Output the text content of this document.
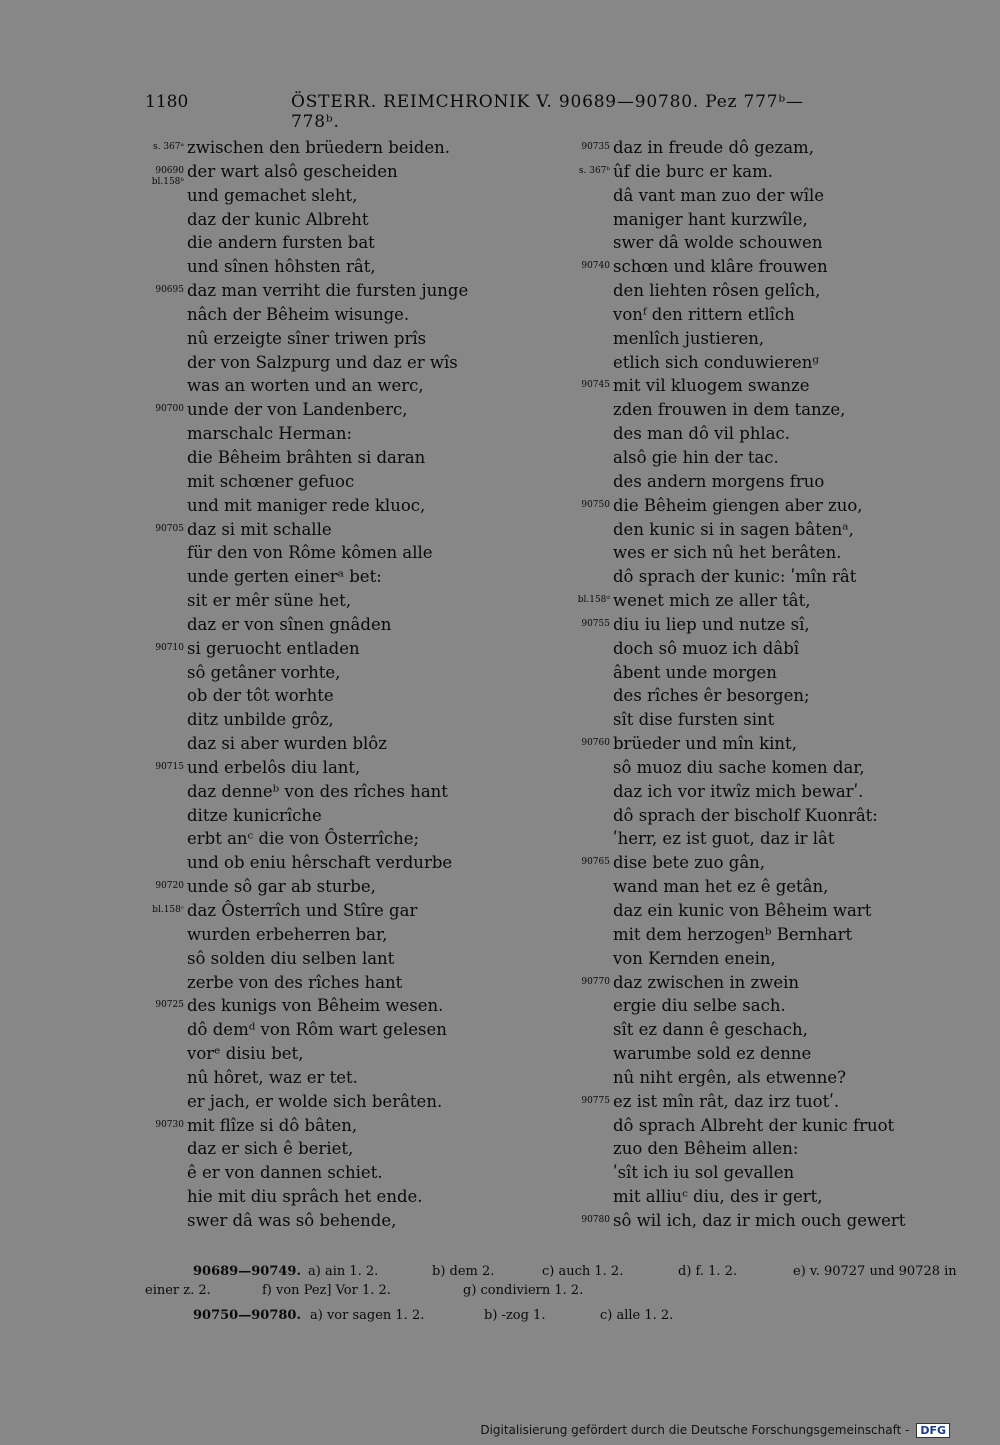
1180	ÖSTERR. REIMCHRONIK V. 90689—90780. Pez 777ᵇ—778ᵇ.
s. 367ᵃ zwischen den brüedern beiden.
90690
bl.158ᵇ
der wart alsô gescheiden
und gemachet sleht,
daz der kunic Albreht
die andern fursten bat
und sînen hôhsten rât,
90695 daz man verriht die fursten junge
nâch der Bêheim wisunge.
nû erzeigte sîner triwen prîs
der von Salzpurg und daz er wîs
was an worten und an werc,
90700 unde der von Landenberc,
marschalc Herman:
die Bêheim brâhten si daran
mit schœner gefuoc
und mit maniger rede kluoc,
90705 daz si mit schalle
für den von Rôme kômen alle
unde gerten einerᵃ bet:
sit er mêr süne het,
daz er von sînen gnâden
90710 si geruocht entladen
sô getâner vorhte,
ob der tôt worhte
ditz unbilde grôz,
daz si aber wurden blôz
90715 und erbelôs diu lant,
daz denneᵇ von des rîches hant
ditze kunicrîche
erbt anᶜ die von Ôsterrîche;
und ob eniu hêrschaft verdurbe
90720 unde sô gar ab sturbe,
bl.158ᶜ daz Ôsterrîch und Stîre gar
wurden erbeherren bar,
sô solden diu selben lant
zerbe von des rîches hant
90725 des kunigs von Bêheim wesen.
dô demᵈ von Rôm wart gelesen
vorᵉ disiu bet,
nû hôret, waz er tet.
er jach, er wolde sich berâten.
90730 mit flîze si dô bâten,
daz er sich ê beriet,
ê er von dannen schiet.
hie mit diu sprâch het ende.
swer dâ was sô behende,
90735 daz in freude dô gezam,
s. 367ᵇ ûf die burc er kam.
dâ vant man zuo der wîle
maniger hant kurzwîle,
swer dâ wolde schouwen
90740 schœn und klâre frouwen
den liehten rôsen gelîch,
vonᶠ den rittern etlîch
menlîch justieren,
etlich sich conduwierenᵍ
90745 mit vil kluogem swanze
zden frouwen in dem tanze,
des man dô vil phlac.
alsô gie hin der tac.
des andern morgens fruo
90750 die Bêheim giengen aber zuo,
den kunic si in sagen bâtenᵃ,
wes er sich nû het berâten.
dô sprach der kunic: ʹmîn rât
bl.158ᵈ wenet mich ze aller tât,
90755 diu iu liep und nutze sî,
doch sô muoz ich dâbî
âbent unde morgen
des rîches êr besorgen;
sît dise fursten sint
90760 brüeder und mîn kint,
sô muoz diu sache komen dar,
daz ich vor itwîz mich bewarʹ.
dô sprach der bischolf Kuonrât:
ʹherr, ez ist guot, daz ir lât
90765 dise bete zuo gân,
wand man het ez ê getân,
daz ein kunic von Bêheim wart
mit dem herzogenᵇ Bernhart
von Kernden enein,
90770 daz zwischen in zwein
ergie diu selbe sach.
sît ez dann ê geschach,
warumbe sold ez denne
nû niht ergên, als etwenne?
90775 ez ist mîn rât, daz irz tuotʹ.
dô sprach Albreht der kunic fruot
zuo den Bêheim allen:
ʹsît ich iu sol gevallen
mit alliuᶜ diu, des ir gert,
90780 sô wil ich, daz ir mich ouch gewert
90689—90749. a) ain 1. 2.	b) dem 2.	c) auch 1. 2.	d) f. 1. 2.	e) v. 90727 und 90728 in
einer z. 2.	f) von Pez] Vor 1. 2.	g) condiviern 1. 2.
90750—90780. a) vor sagen 1. 2.	b) -zog 1.	c) alle 1. 2.
Digitalisierung gefördert durch die Deutsche Forschungsgemeinschaft - DFG
